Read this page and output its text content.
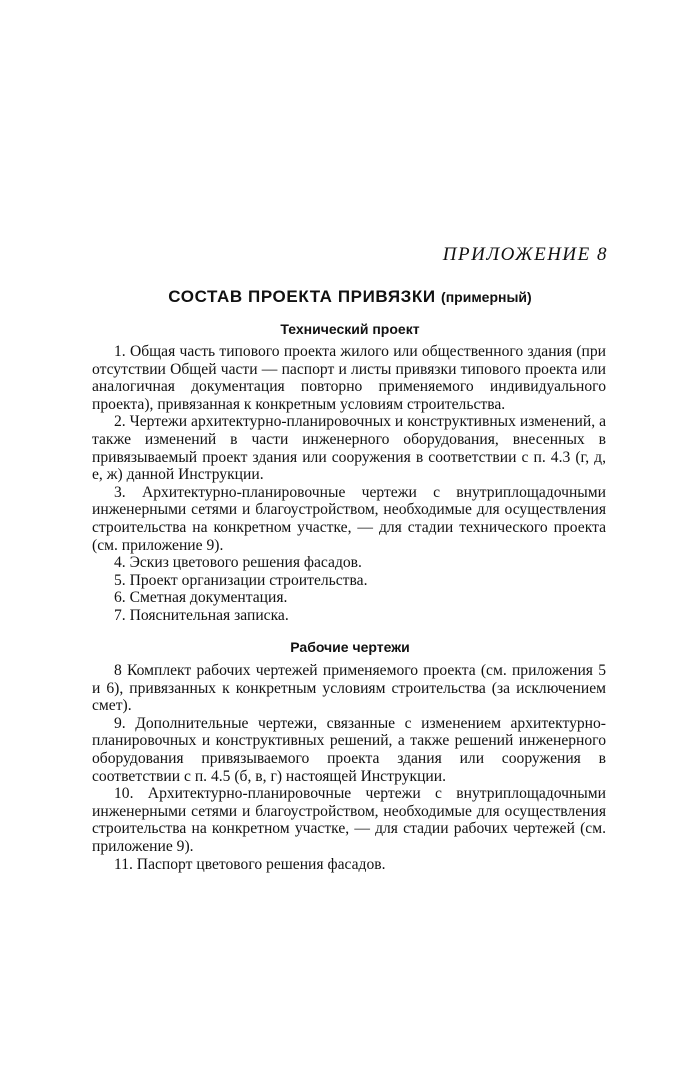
ПРИЛОЖЕНИЕ 8
СОСТАВ ПРОЕКТА ПРИВЯЗКИ (примерный)
Технический проект

1. Общая часть типового проекта жилого или общественного здания (при отсутствии Общей части — паспорт и листы привязки типового проекта или аналогичная документация повторно применяемого индивидуального проекта), привязанная к конкретным условиям строительства.

2. Чертежи архитектурно-планировочных и конструктивных изменений, а также изменений в части инженерного оборудования, внесенных в привязываемый проект здания или сооружения в соответствии с п. 4.3 (г, д, е, ж) данной Инструкции.

3. Архитектурно-планировочные чертежи с внутриплощадочными инженерными сетями и благоустройством, необходимые для осуществления строительства на конкретном участке, — для стадии технического проекта (см. приложение 9).

4. Эскиз цветового решения фасадов.

5. Проект организации строительства.

6. Сметная документация.

7. Пояснительная записка.

Рабочие чертежи

8 Комплект рабочих чертежей применяемого проекта (см. приложения 5 и 6), привязанных к конкретным условиям строительства (за исключением смет).

9. Дополнительные чертежи, связанные с изменением архитектурно-планировочных и конструктивных решений, а также решений инженерного оборудования привязываемого проекта здания или сооружения в соответствии с п. 4.5 (б, в, г) настоящей Инструкции.

10. Архитектурно-планировочные чертежи с внутриплощадочными инженерными сетями и благоустройством, необходимые для осуществления строительства на конкретном участке, — для стадии рабочих чертежей (см. приложение 9).

11. Паспорт цветового решения фасадов.
